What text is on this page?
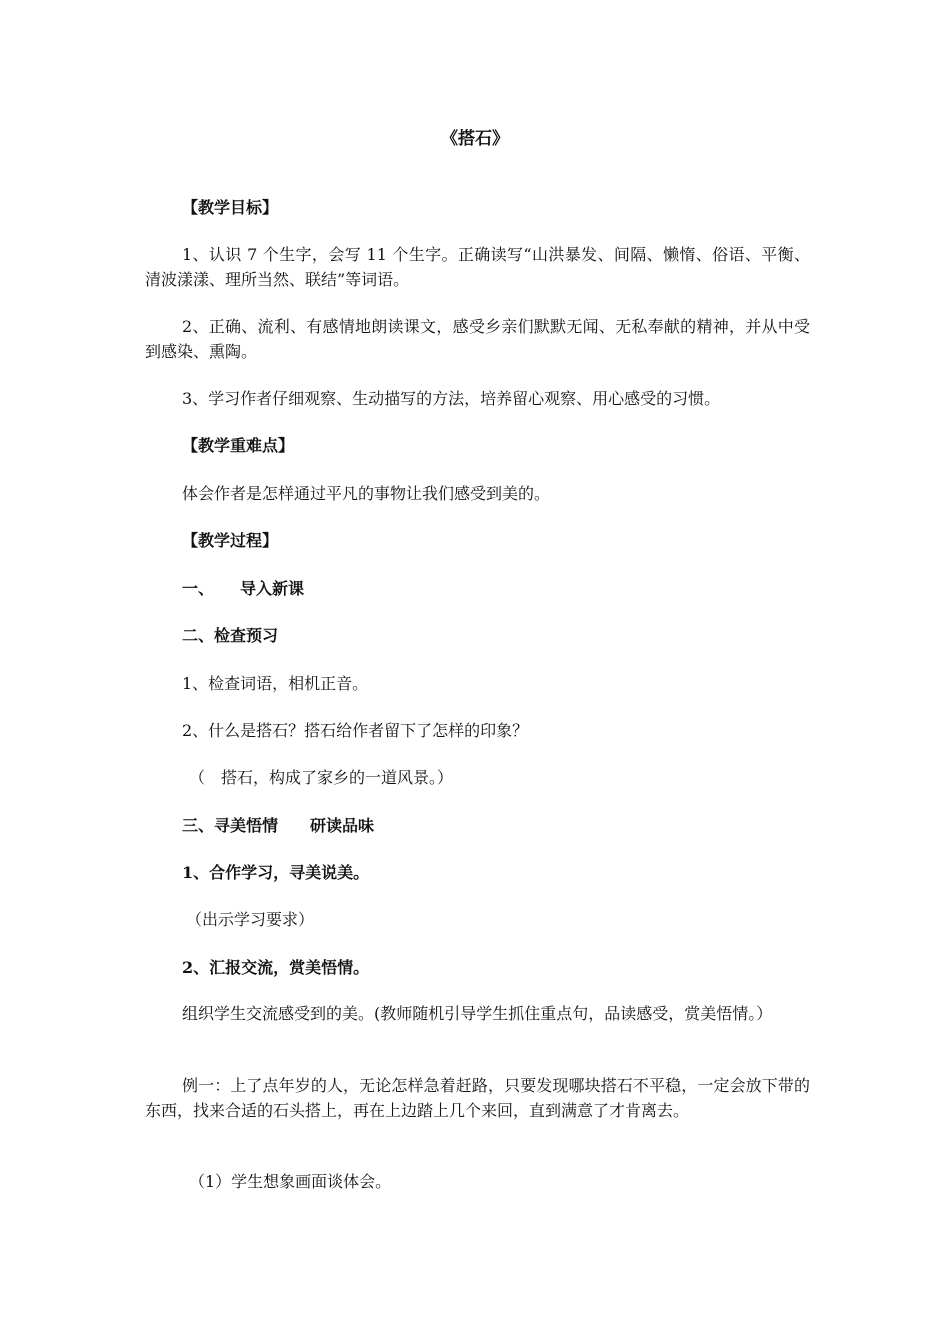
《搭石》
【教学目标】
1、认识 7 个生字，会写 11 个生字。正确读写“山洪暴发、间隔、懒惰、俗语、平衡、清波漾漾、理所当然、联结”等词语。
2、正确、流利、有感情地朗读课文，感受乡亲们默默无闻、无私奉献的精神，并从中受到感染、熏陶。
3、学习作者仔细观察、生动描写的方法，培养留心观察、用心感受的习惯。
【教学重难点】
体会作者是怎样通过平凡的事物让我们感受到美的。
【教学过程】
一、 导入新课
二、检查预习
1、检查词语，相机正音。
2、什么是搭石？搭石给作者留下了怎样的印象？
（　搭石，构成了家乡的一道风景。）
三、寻美悟情 研读品味
1、合作学习，寻美说美。
（出示学习要求）
2、汇报交流，赏美悟情。
组织学生交流感受到的美。(教师随机引导学生抓住重点句，品读感受，赏美悟情。）
例一：上了点年岁的人，无论怎样急着赶路，只要发现哪块搭石不平稳，一定会放下带的东西，找来合适的石头搭上，再在上边踏上几个来回，直到满意了才肯离去。
（1）学生想象画面谈体会。
